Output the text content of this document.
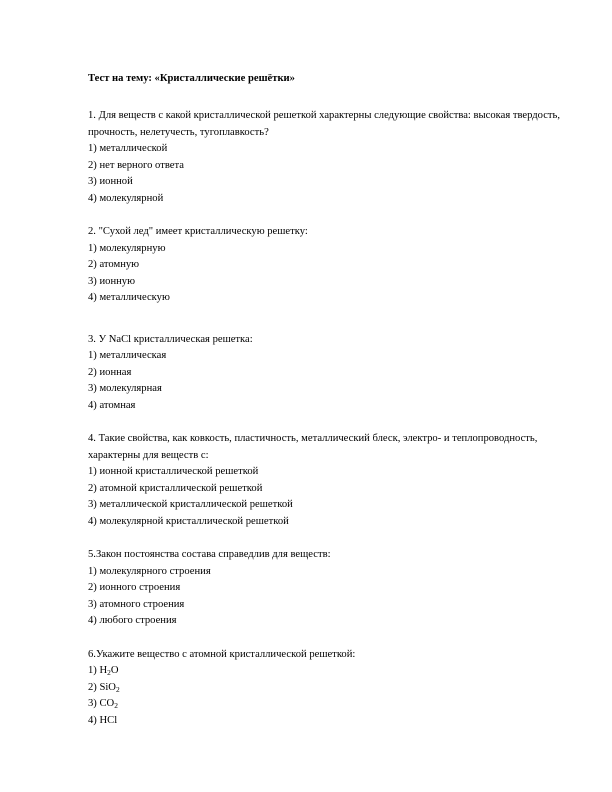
Тест на тему: «Кристаллические решётки»

1. Для веществ с какой кристаллической решеткой характерны следующие свойства: высокая твердость, прочность, нелетучесть, тугоплавкость?

1) металлической
2) нет верного ответа
3) ионной
4) молекулярной

2. "Сухой лед" имеет кристаллическую решетку:

1) молекулярную
2) атомную
3) ионную
4) металлическую

3. У NaCl кристаллическая решетка:

1) металлическая
2) ионная
3) молекулярная
4) атомная

4. Такие свойства, как ковкость, пластичность, металлический блеск, электро- и теплопроводность, характерны для веществ с:

1) ионной кристаллической решеткой
2) атомной кристаллической решеткой
3) металлической кристаллической решеткой
4) молекулярной кристаллической решеткой

5.Закон постоянства состава справедлив для веществ:

1) молекулярного строения
2) ионного строения
3) атомного строения
4) любого строения

6.Укажите вещество с атомной кристаллической решеткой:

1) $H_2O$
2) SiO$_2$
3) $CO_2$
4) HCl
